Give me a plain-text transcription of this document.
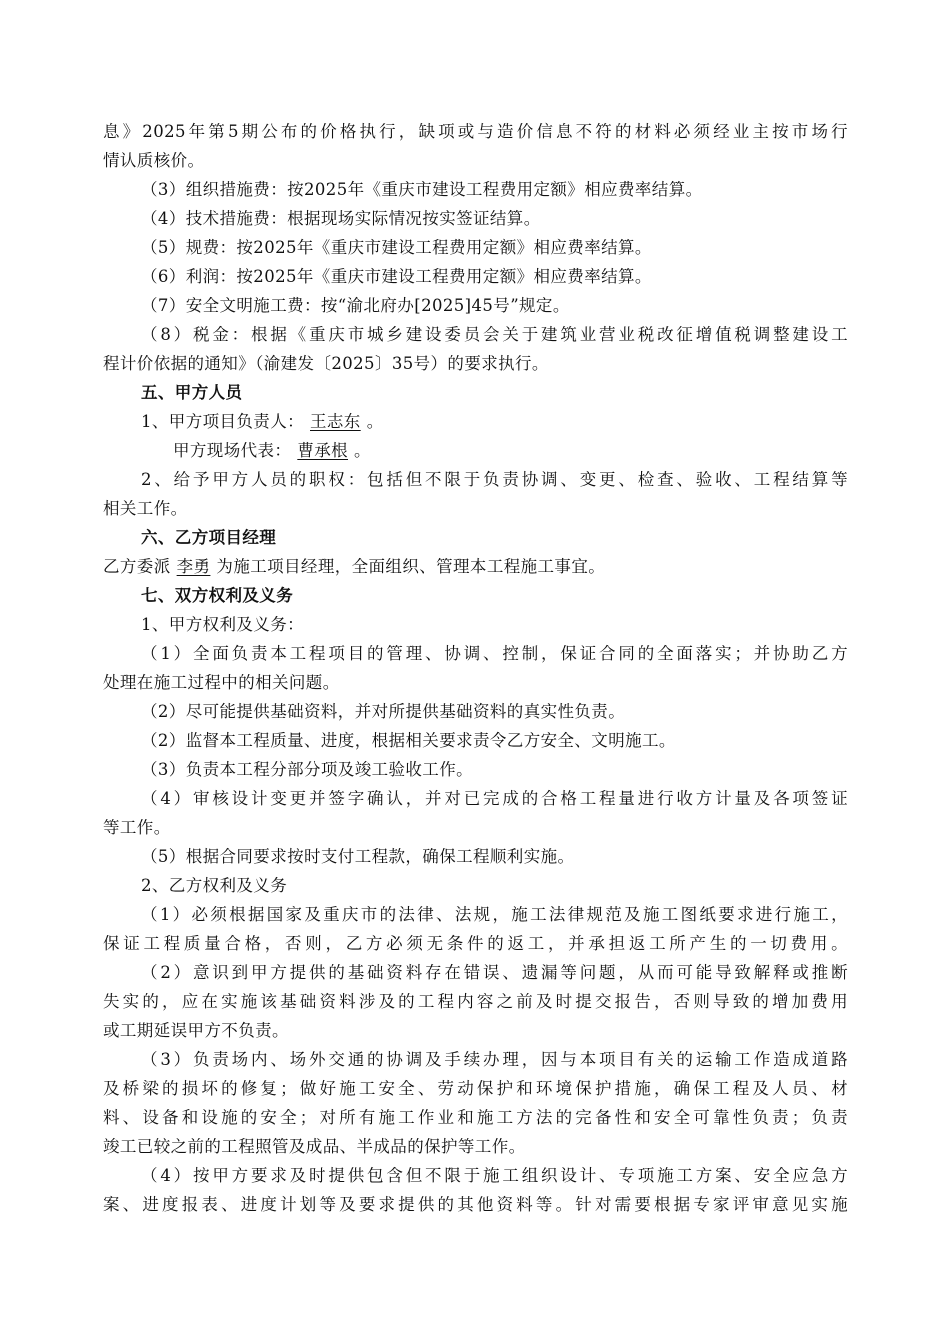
息》2025年第5期公布的价格执行，缺项或与造价信息不符的材料必须经业主按市场行
情认质核价。
（3）组织措施费：按2025年《重庆市建设工程费用定额》相应费率结算。
（4）技术措施费：根据现场实际情况按实签证结算。
（5）规费：按2025年《重庆市建设工程费用定额》相应费率结算。
（6）利润：按2025年《重庆市建设工程费用定额》相应费率结算。
（7）安全文明施工费：按“渝北府办[2025]45号”规定。
（8）税金：根据《重庆市城乡建设委员会关于建筑业营业税改征增值税调整建设工
程计价依据的通知》（渝建发〔2025〕35号）的要求执行。
五、甲方人员
1、甲方项目负责人： 王志东 。
甲方现场代表： 曹承根 。
2、给予甲方人员的职权：包括但不限于负责协调、变更、检查、验收、工程结算等
相关工作。
六、乙方项目经理
乙方委派 李勇 为施工项目经理，全面组织、管理本工程施工事宜。
七、双方权利及义务
1、甲方权利及义务：
（1）全面负责本工程项目的管理、协调、控制，保证合同的全面落实；并协助乙方
处理在施工过程中的相关问题。
（2）尽可能提供基础资料，并对所提供基础资料的真实性负责。
（2）监督本工程质量、进度，根据相关要求责令乙方安全、文明施工。
（3）负责本工程分部分项及竣工验收工作。
（4）审核设计变更并签字确认，并对已完成的合格工程量进行收方计量及各项签证
等工作。
（5）根据合同要求按时支付工程款，确保工程顺利实施。
2、乙方权利及义务
（1）必须根据国家及重庆市的法律、法规，施工法律规范及施工图纸要求进行施工，
保证工程质量合格，否则，乙方必须无条件的返工，并承担返工所产生的一切费用。
（2）意识到甲方提供的基础资料存在错误、遗漏等问题，从而可能导致解释或推断
失实的，应在实施该基础资料涉及的工程内容之前及时提交报告，否则导致的增加费用
或工期延误甲方不负责。
（3）负责场内、场外交通的协调及手续办理，因与本项目有关的运输工作造成道路
及桥梁的损坏的修复；做好施工安全、劳动保护和环境保护措施，确保工程及人员、材
料、设备和设施的安全；对所有施工作业和施工方法的完备性和安全可靠性负责；负责
竣工已较之前的工程照管及成品、半成品的保护等工作。
（4）按甲方要求及时提供包含但不限于施工组织设计、专项施工方案、安全应急方
案、进度报表、进度计划等及要求提供的其他资料等。针对需要根据专家评审意见实施
